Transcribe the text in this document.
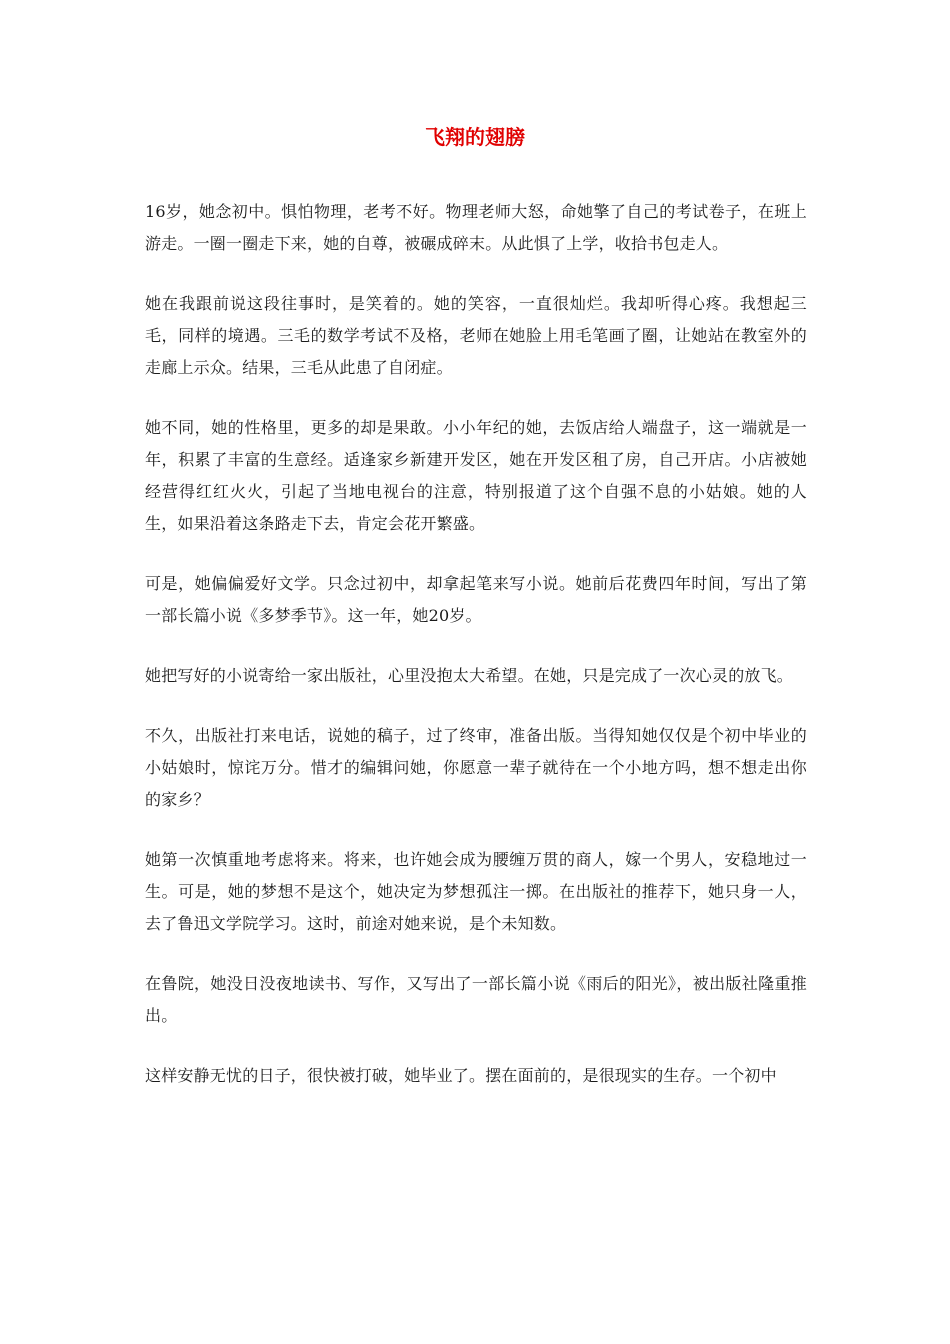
飞翔的翅膀

16岁，她念初中。惧怕物理，老考不好。物理老师大怒，命她擎了自己的考试卷子，在班上游走。一圈一圈走下来，她的自尊，被碾成碎末。从此惧了上学，收拾书包走人。

她在我跟前说这段往事时，是笑着的。她的笑容，一直很灿烂。我却听得心疼。我想起三毛，同样的境遇。三毛的数学考试不及格，老师在她脸上用毛笔画了圈，让她站在教室外的走廊上示众。结果，三毛从此患了自闭症。

她不同，她的性格里，更多的却是果敢。小小年纪的她，去饭店给人端盘子，这一端就是一年，积累了丰富的生意经。适逢家乡新建开发区，她在开发区租了房，自己开店。小店被她经营得红红火火，引起了当地电视台的注意，特别报道了这个自强不息的小姑娘。她的人生，如果沿着这条路走下去，肯定会花开繁盛。

可是，她偏偏爱好文学。只念过初中，却拿起笔来写小说。她前后花费四年时间，写出了第一部长篇小说《多梦季节》。这一年，她20岁。

她把写好的小说寄给一家出版社，心里没抱太大希望。在她，只是完成了一次心灵的放飞。

不久，出版社打来电话，说她的稿子，过了终审，准备出版。当得知她仅仅是个初中毕业的小姑娘时，惊诧万分。惜才的编辑问她，你愿意一辈子就待在一个小地方吗，想不想走出你的家乡？

她第一次慎重地考虑将来。将来，也许她会成为腰缠万贯的商人，嫁一个男人，安稳地过一生。可是，她的梦想不是这个，她决定为梦想孤注一掷。在出版社的推荐下，她只身一人，去了鲁迅文学院学习。这时，前途对她来说，是个未知数。

在鲁院，她没日没夜地读书、写作，又写出了一部长篇小说《雨后的阳光》，被出版社隆重推出。

这样安静无忧的日子，很快被打破，她毕业了。摆在面前的，是很现实的生存。一个初中
